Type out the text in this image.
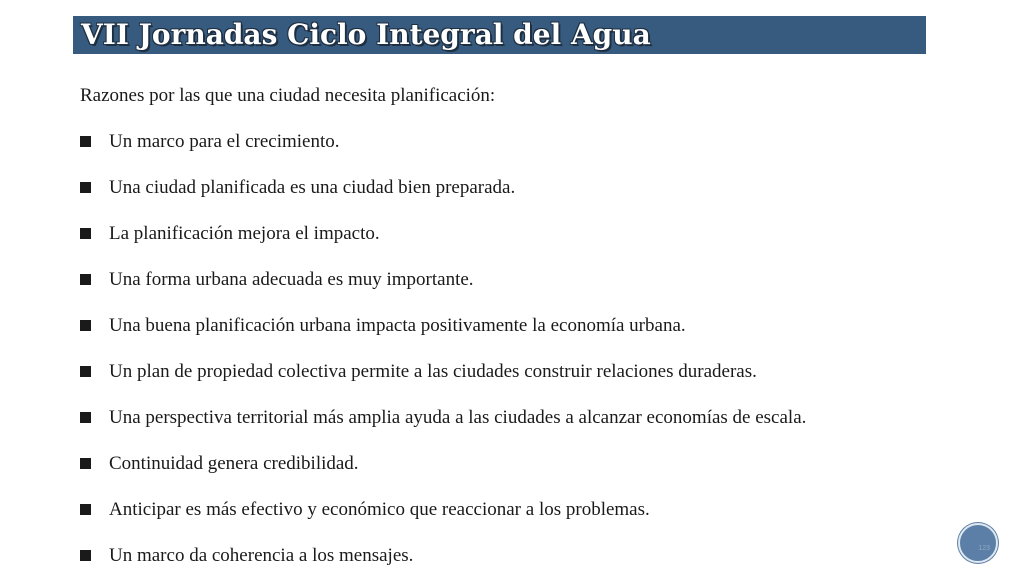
VII Jornadas Ciclo Integral del Agua
Razones por las que una ciudad necesita planificación:
Un marco para el crecimiento.
Una ciudad planificada es una ciudad bien preparada.
La planificación mejora el impacto.
Una forma urbana adecuada es muy importante.
Una buena planificación urbana impacta positivamente la economía urbana.
Un plan de propiedad colectiva permite a las ciudades construir relaciones duraderas.
Una perspectiva territorial más amplia ayuda a las ciudades a alcanzar economías de escala.
Continuidad genera credibilidad.
Anticipar es más efectivo y económico que reaccionar a los problemas.
Un marco da coherencia a los mensajes.	123
